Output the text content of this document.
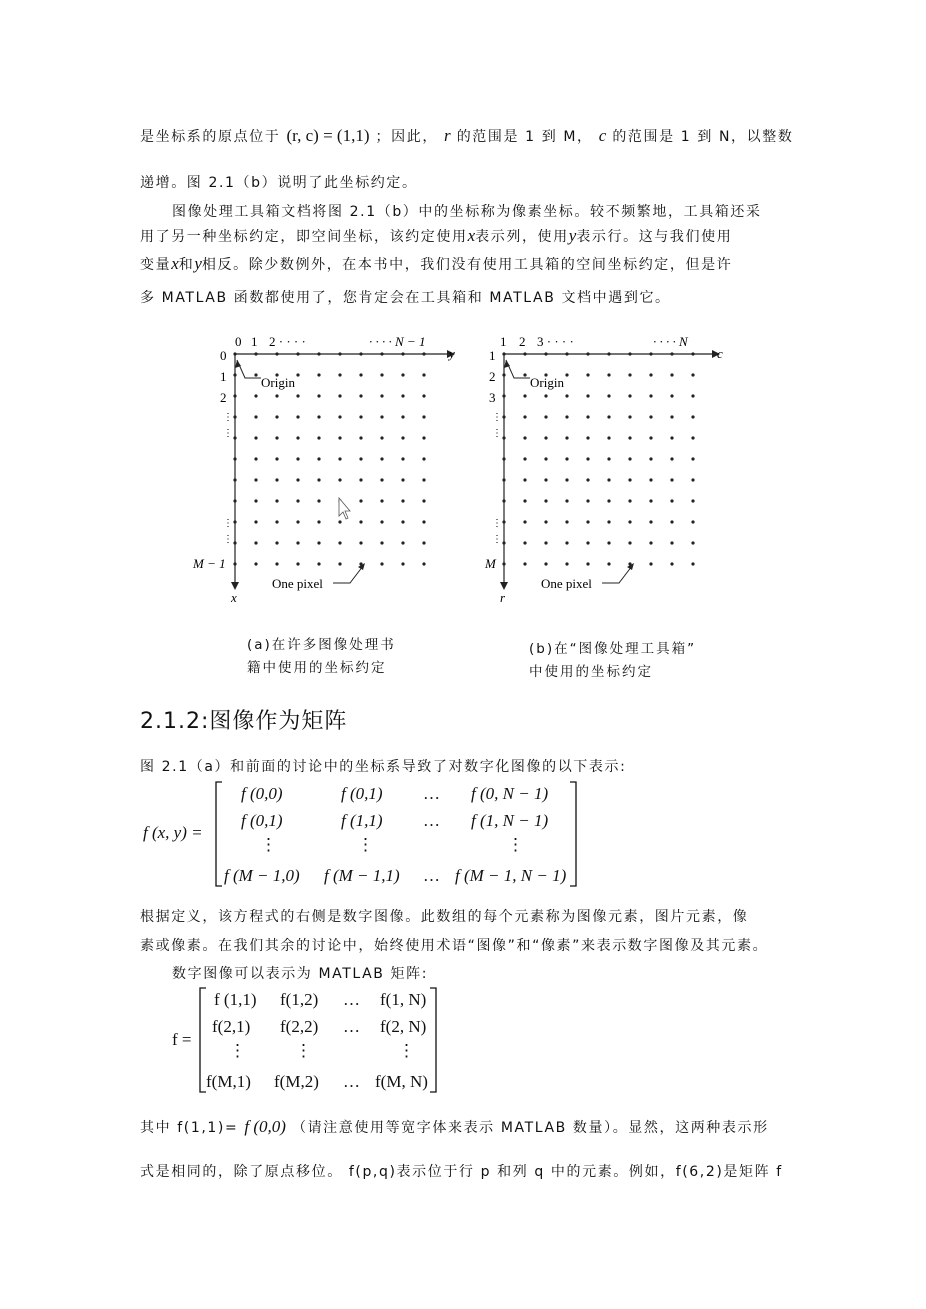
是坐标系的原点位于 (r, c) = (1,1) ；因此， r 的范围是 1 到 M， c 的范围是 1 到 N，以整数
递增。图 2.1（b）说明了此坐标约定。
图像处理工具箱文档将图 2.1（b）中的坐标称为像素坐标。较不频繁地，工具箱还采
用了另一种坐标约定，即空间坐标，该约定使用x表示列，使用y表示行。这与我们使用
变量x和y相反。除少数例外，在本书中，我们没有使用工具箱的空间坐标约定，但是许
多 MATLAB 函数都使用了，您肯定会在工具箱和 MATLAB 文档中遇到它。
0 1 2 · · · ·	· · · · N − 1
y
x
0
1
2
⋮
⋮
⋮
⋮
M − 1
Origin
One pixel
1 2 3 · · · ·	· · · · N
c
r
1
2
3
⋮
⋮
⋮
⋮
M
Origin
One pixel
(a)在许多图像处理书
籍中使用的坐标约定
(b)在“图像处理工具箱”
中使用的坐标约定
2.1.2:图像作为矩阵
图 2.1（a）和前面的讨论中的坐标系导致了对数字化图像的以下表示:
f (x, y) =
f (0,0)	f (0,1) … f (0, N − 1)
f (0,1)	f (1,1) … f (1, N − 1)
⋮	⋮	⋮
f (M − 1,0) f (M − 1,1) … f (M − 1, N − 1)
根据定义，该方程式的右侧是数字图像。此数组的每个元素称为图像元素，图片元素，像
素或像素。在我们其余的讨论中，始终使用术语“图像”和“像素”来表示数字图像及其元素。
数字图像可以表示为 MATLAB 矩阵:
f =
f (1,1) f(1,2) … f(1, N)
f(2,1) f(2,2) … f(2, N)
⋮	⋮	⋮
f(M,1) f(M,2) … f(M, N)
其中 f(1,1)= f (0,0) （请注意使用等宽字体来表示 MATLAB 数量）。显然，这两种表示形
式是相同的，除了原点移位。 f(p,q)表示位于行 p 和列 q 中的元素。例如，f(6,2)是矩阵 f
